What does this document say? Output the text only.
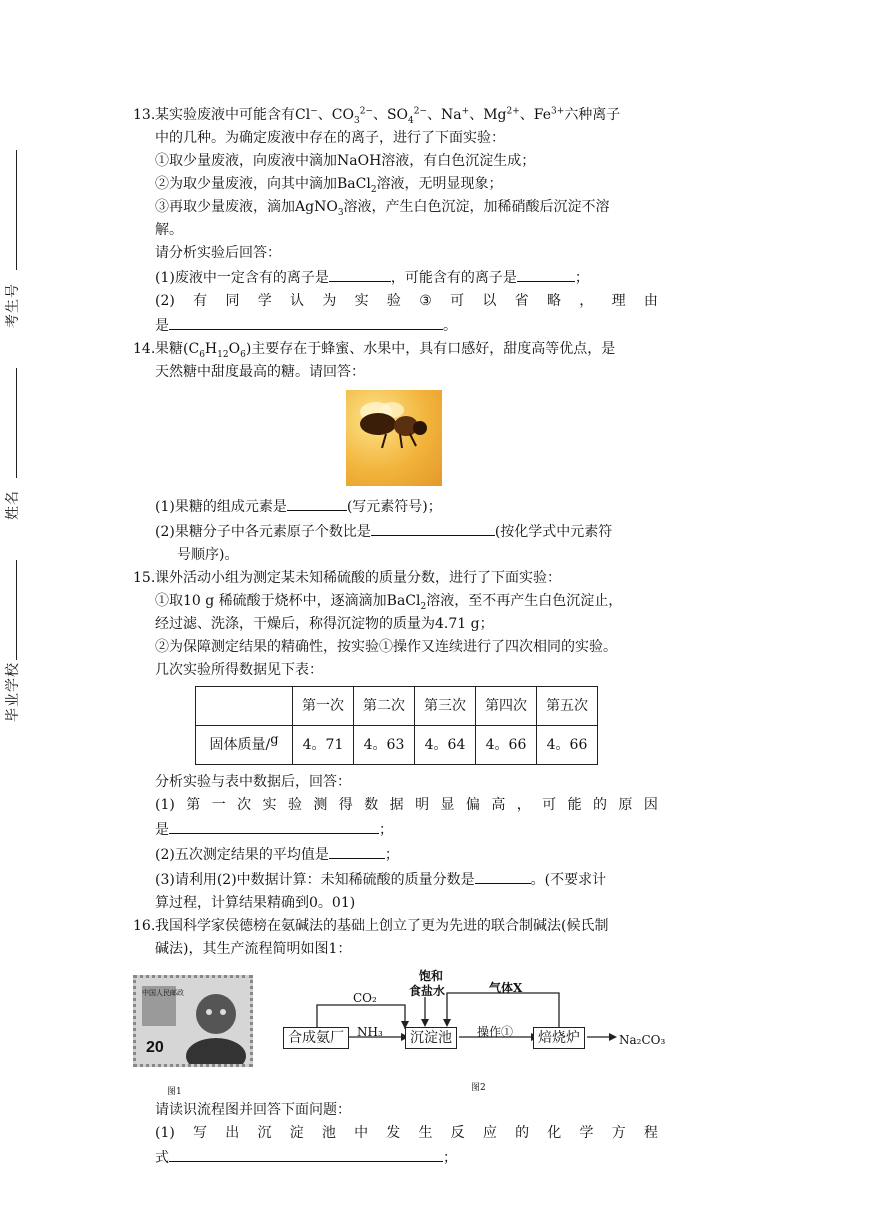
考生号
姓名
毕业学校

13.某实验废液中可能含有Cl−、$CO_3^{2-}$、$SO_4^{2-}$、Na+、$Mg^{2+}$、$Fe^{3+}$六种离子

中的几种。为确定废液中存在的离子，进行了下面实验：

①取少量废液，向废液中滴加NaOH溶液，有白色沉淀生成；

②为取少量废液，向其中滴加BaCl$_2$溶液，无明显现象；

③再取少量废液，滴加AgNO$_3$溶液，产生白色沉淀，加稀硝酸后沉淀不溶

解。

请分析实验后回答：

(1)废液中一定含有的离子是	，可能含有的离子是	；

(2) 有 同 学 认 为 实 验 ③ 可 以 省 略 ， 理 由

是	。

14.果糖$(C_6H_{12}O_6)$主要存在于蜂蜜、水果中，具有口感好，甜度高等优点，是

天然糖中甜度最高的糖。请回答：

(1)果糖的组成元素是	(写元素符号)；

(2)果糖分子中各元素原子个数比是	(按化学式中元素符

号顺序)。

15.课外活动小组为测定某未知稀硫酸的质量分数，进行了下面实验：

①取10 g 稀硫酸于烧杯中，逐滴滴加BaCl$_2$溶液，至不再产生白色沉淀止，

经过滤、洗涤，干燥后，称得沉淀物的质量为4.71 g；

②为保障测定结果的精确性，按实验①操作又连续进行了四次相同的实验。

几次实验所得数据见下表：

	第一次	第二次	第三次	第四次	第五次
固体质量/$^g$	4。71	4。63	4。64	4。66	4。66

分析实验与表中数据后，回答：

(1) 第 一 次 实 验 测 得 数 据 明 显 偏 高 ， 可 能 的 原 因

是	；

(2)五次测定结果的平均值是	；

(3)请利用(2)中数据计算：未知稀硫酸的质量分数是	。(不要求计

算过程，计算结果精确到0。01)

16.我国科学家侯德榜在氨碱法的基础上创立了更为先进的联合制碱法(候氏制

碱法)，其生产流程简明如图1：

中国人民邮政
20
图1
合成氨厂	沉淀池	焙烧炉
CO₂
NH₃
饱和
食盐水	气体X
操作①
Na₂CO₃
图2

请读识流程图并回答下面问题：

(1) 写 出 沉 淀 池 中 发 生 反 应 的 化 学 方 程

式	；
